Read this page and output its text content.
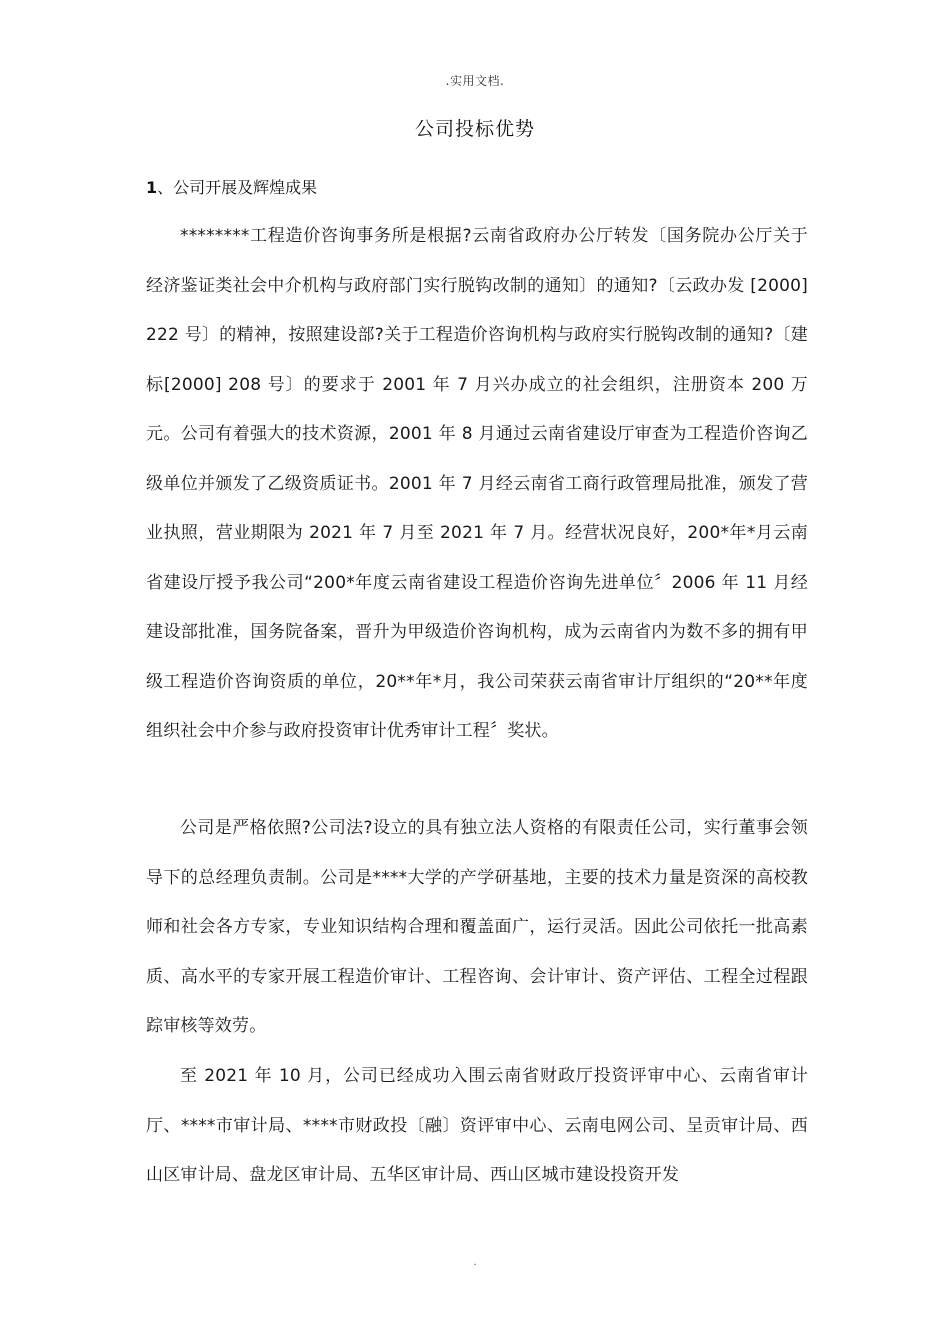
.实用文档.
公司投标优势
1、公司开展及辉煌成果

********工程造价咨询事务所是根据?云南省政府办公厅转发〔国务院办公厅关于经济鉴证类社会中介机构与政府部门实行脱钩改制的通知〕的通知?〔云政办发 [2000]222 号〕的精神，按照建设部?关于工程造价咨询机构与政府实行脱钩改制的通知?〔建标[2000] 208 号〕的要求于 2001 年 7 月兴办成立的社会组织，注册资本 200 万元。公司有着强大的技术资源，2001 年 8 月通过云南省建设厅审查为工程造价咨询乙级单位并颁发了乙级资质证书。2001 年 7 月经云南省工商行政管理局批准，颁发了营业执照，营业期限为 2021 年 7 月至 2021 年 7 月。经营状况良好，200*年*月云南省建设厅授予我公司“200*年度云南省建设工程造价咨询先进单位〞2006 年 11 月经建设部批准，国务院备案，晋升为甲级造价咨询机构，成为云南省内为数不多的拥有甲级工程造价咨询资质的单位，20**年*月，我公司荣获云南省审计厅组织的“20**年度组织社会中介参与政府投资审计优秀审计工程〞奖状。

公司是严格依照?公司法?设立的具有独立法人资格的有限责任公司，实行董事会领导下的总经理负责制。公司是****大学的产学研基地，主要的技术力量是资深的高校教师和社会各方专家，专业知识结构合理和覆盖面广，运行灵活。因此公司依托一批高素质、高水平的专家开展工程造价审计、工程咨询、会计审计、资产评估、工程全过程跟踪审核等效劳。

至 2021 年 10 月，公司已经成功入围云南省财政厅投资评审中心、云南省审计厅、****市审计局、****市财政投〔融〕资评审中心、云南电网公司、呈贡审计局、西山区审计局、盘龙区审计局、五华区审计局、西山区城市建设投资开发

.
